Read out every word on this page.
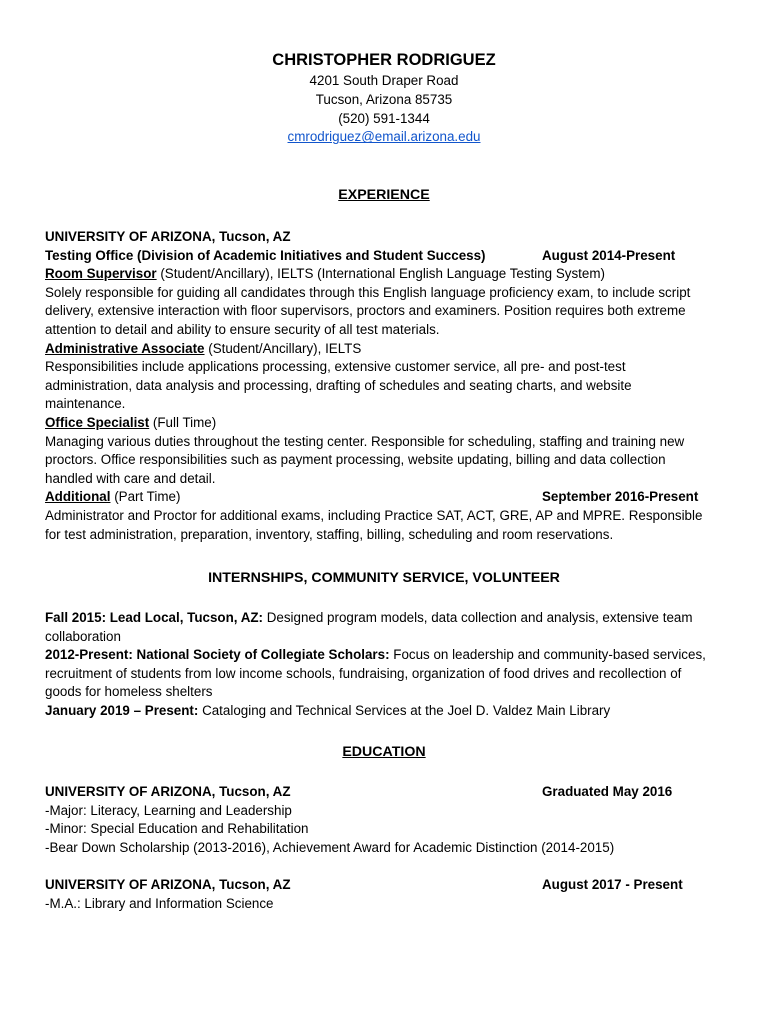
CHRISTOPHER RODRIGUEZ
4201 South Draper Road
Tucson, Arizona 85735
(520) 591-1344
cmrodriguez@email.arizona.edu
EXPERIENCE
UNIVERSITY OF ARIZONA, Tucson, AZ
Testing Office (Division of Academic Initiatives and Student Success)	August 2014-Present
Room Supervisor (Student/Ancillary), IELTS (International English Language Testing System)
Solely responsible for guiding all candidates through this English language proficiency exam, to include script
delivery, extensive interaction with floor supervisors, proctors and examiners. Position requires both extreme
attention to detail and ability to ensure security of all test materials.
Administrative Associate (Student/Ancillary), IELTS
Responsibilities include applications processing, extensive customer service, all pre- and post-test
administration, data analysis and processing, drafting of schedules and seating charts, and website
maintenance.
Office Specialist (Full Time)
Managing various duties throughout the testing center. Responsible for scheduling, staffing and training new
proctors. Office responsibilities such as payment processing, website updating, billing and data collection
handled with care and detail.
Additional (Part Time)	September 2016-Present
Administrator and Proctor for additional exams, including Practice SAT, ACT, GRE, AP and MPRE. Responsible
for test administration, preparation, inventory, staffing, billing, scheduling and room reservations.
INTERNSHIPS, COMMUNITY SERVICE, VOLUNTEER
Fall 2015: Lead Local, Tucson, AZ: Designed program models, data collection and analysis, extensive team
collaboration
2012-Present: National Society of Collegiate Scholars: Focus on leadership and community-based services,
recruitment of students from low income schools, fundraising, organization of food drives and recollection of
goods for homeless shelters
January 2019 – Present: Cataloging and Technical Services at the Joel D. Valdez Main Library
EDUCATION
UNIVERSITY OF ARIZONA, Tucson, AZ	Graduated May 2016
-Major: Literacy, Learning and Leadership
-Minor: Special Education and Rehabilitation
-Bear Down Scholarship (2013-2016), Achievement Award for Academic Distinction (2014-2015)
UNIVERSITY OF ARIZONA, Tucson, AZ	August 2017 - Present
-M.A.: Library and Information Science
